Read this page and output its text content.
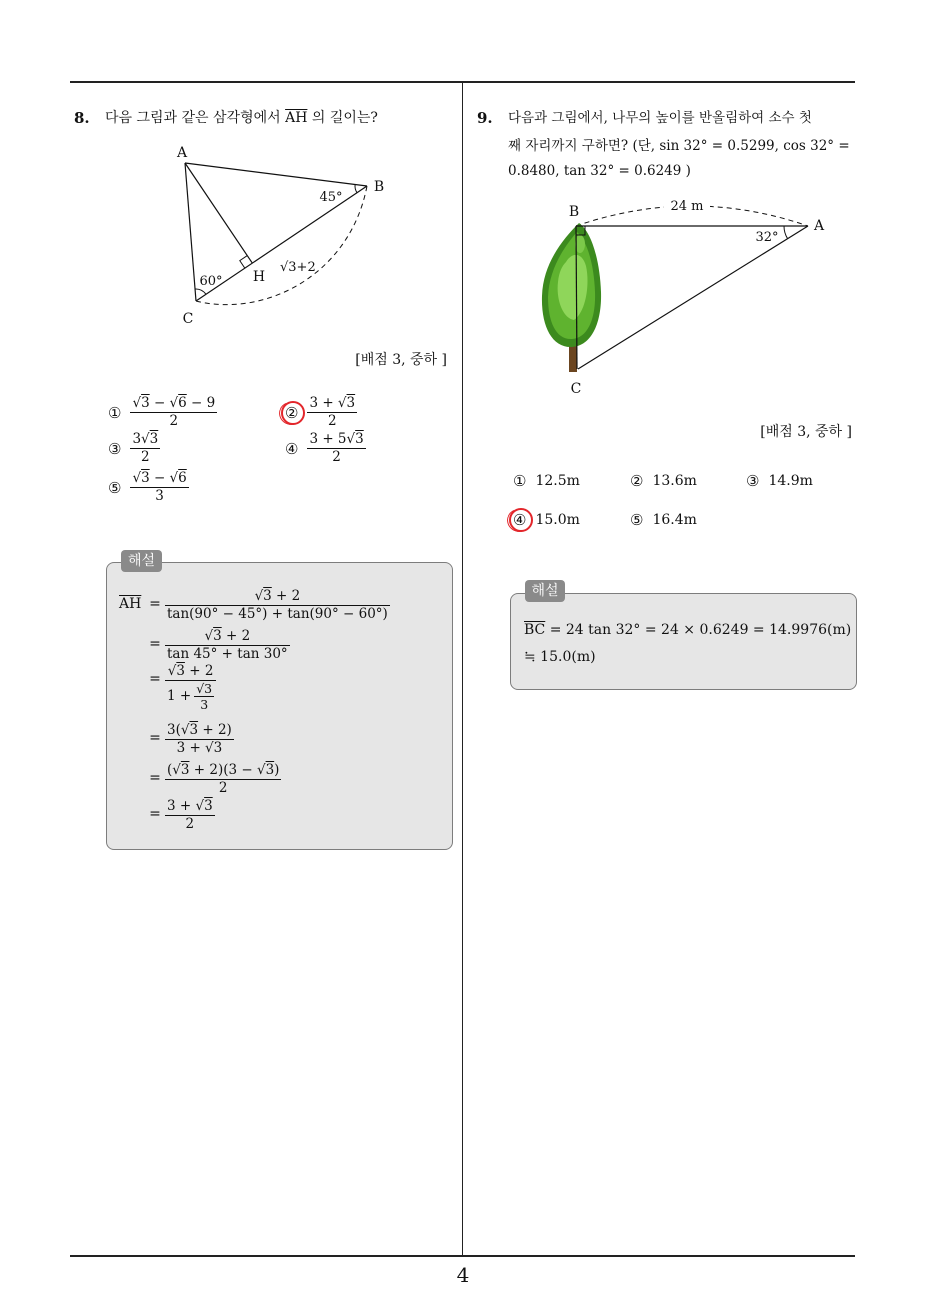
8. 다음 그림과 같은 삼각형에서 $\overline{AH}$ 의 길이는?
A
B
C
H
45°
60°
√3+2
[배점 3, 중하 ]
① $\frac{√3 - √6 - 9}{2}$	② $\frac{3 + √3}{2}$
③ $\frac{3√3}{2}$	④ $\frac{3 + 5√3}{2}$
⑤ $\frac{√3 - √6}{3}$
해설
$\overline{AH} = \frac{√3 + 2}{\tan(90^\circ - 45^\circ) + \tan(90^\circ - 60^\circ)}$
= $\frac{√3 + 2}{\tan 45^\circ + \tan 30^\circ}$
= $\frac{√3 + 2}{1 + \frac{√3}{3}}$
= $\frac{3(√3 + 2)}{3 + √3}$
= $\frac{(√3 + 2)(3 - √3)}{2}$
= $\frac{3 + √3}{2}$
9. 다음과 그림에서, 나무의 높이를 반올림하여 소수 첫
째 자리까지 구하면? (단, sin 32° = 0.5299, cos 32° =
0.8480, tan 32° = 0.6249 )
24 m
B
A
C
32°
[배점 3, 중하 ]
① 12.5m	② 13.6m	③ 14.9m
④ 15.0m	⑤ 16.4m
해설
$\overline{BC} = 24$ tan 32° = 24 × 0.6249 = 14.9976(m)
≒ 15.0(m)
4
